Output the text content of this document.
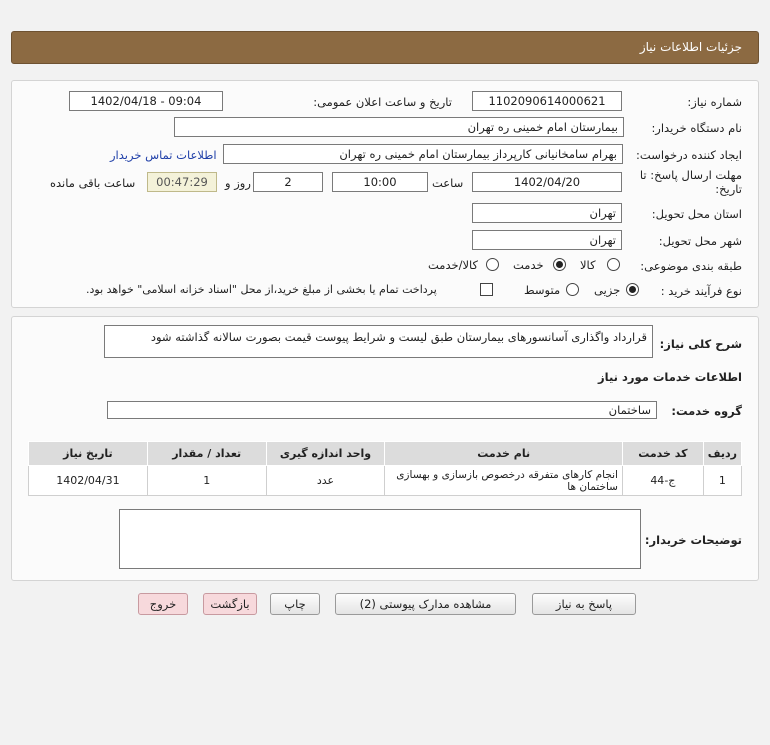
جزئیات اطلاعات نیاز
شماره نیاز:
1102090614000621
تاریخ و ساعت اعلان عمومی:
1402/04/18 - 09:04
نام دستگاه خریدار:
بیمارستان امام خمینی ره تهران
ایجاد کننده درخواست:
بهرام سامخانیانی کارپرداز بیمارستان امام خمینی ره تهران
اطلاعات تماس خریدار
مهلت ارسال پاسخ: تا
تاریخ:
1402/04/20
ساعت
10:00
2
روز و
00:47:29
ساعت باقی مانده
استان محل تحویل:
تهران
شهر محل تحویل:
تهران
طبقه بندی موضوعی:
کالا
خدمت
کالا/خدمت
نوع فرآیند خرید :
جزیی
متوسط
پرداخت تمام یا بخشی از مبلغ خرید،از محل "اسناد خزانه اسلامی" خواهد بود.
شرح کلی نیاز:
قرارداد واگذاری آسانسورهای بیمارستان طبق لیست و شرایط پیوست قیمت بصورت سالانه گذاشته شود
اطلاعات خدمات مورد نیاز
گروه خدمت:
ساختمان
ردیف	کد خدمت	نام خدمت	واحد اندازه گیری	تعداد / مقدار	تاریخ نیاز
1	ج-44	انجام کارهای متفرقه درخصوص بازسازی و بهسازی ساختمان ها	عدد	1	1402/04/31
توضیحات خریدار:
پاسخ به نیاز
مشاهده مدارک پیوستی (2)
چاپ
بازگشت
خروج
